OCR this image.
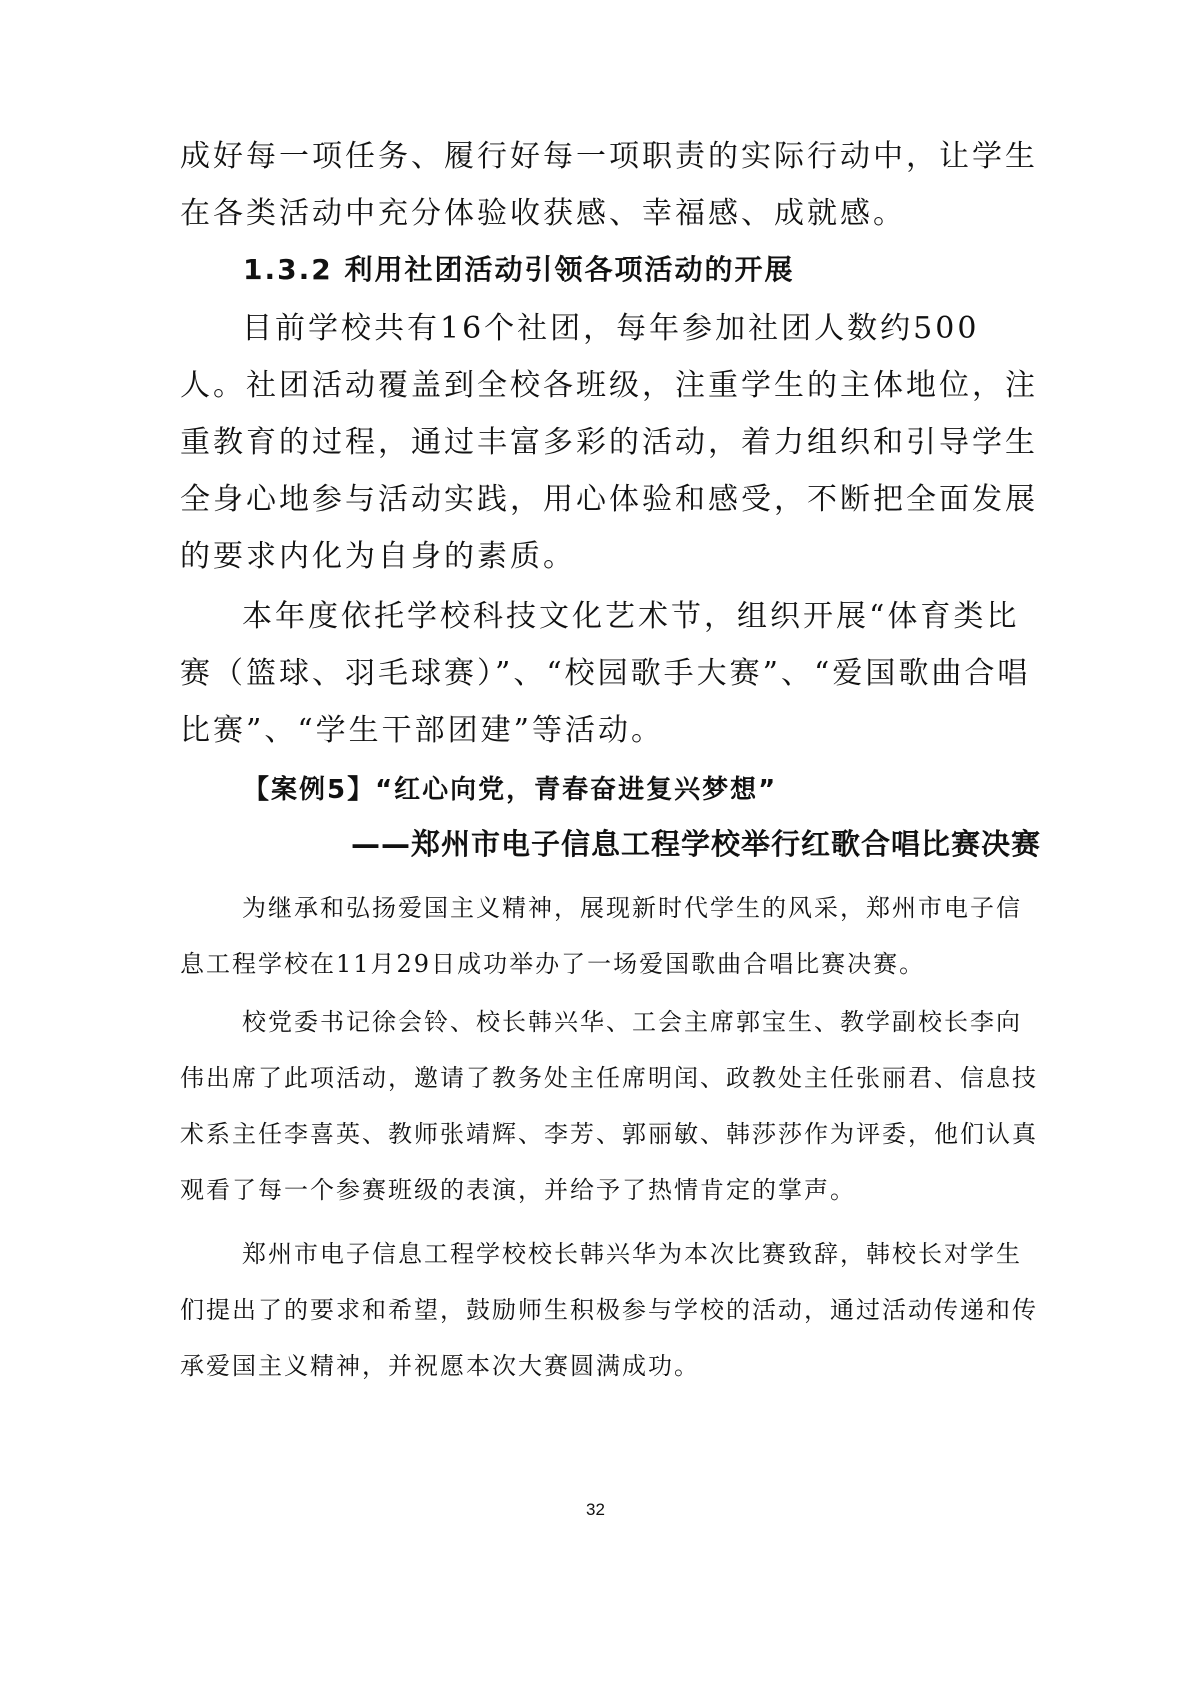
成好每一项任务、履行好每一项职责的实际行动中，让学生在各类活动中充分体验收获感、幸福感、成就感。

1.3.2 利用社团活动引领各项活动的开展

目前学校共有16个社团，每年参加社团人数约500人。社团活动覆盖到全校各班级，注重学生的主体地位，注重教育的过程，通过丰富多彩的活动，着力组织和引导学生全身心地参与活动实践，用心体验和感受，不断把全面发展的要求内化为自身的素质。

本年度依托学校科技文化艺术节，组织开展“体育类比赛（篮球、羽毛球赛）”、“校园歌手大赛”、“爱国歌曲合唱比赛”、“学生干部团建”等活动。

【案例5】“红心向党，青春奋进复兴梦想”
——郑州市电子信息工程学校举行红歌合唱比赛决赛

为继承和弘扬爱国主义精神，展现新时代学生的风采，郑州市电子信息工程学校在11月29日成功举办了一场爱国歌曲合唱比赛决赛。

校党委书记徐会铃、校长韩兴华、工会主席郭宝生、教学副校长李向伟出席了此项活动，邀请了教务处主任席明闰、政教处主任张丽君、信息技术系主任李喜英、教师张靖辉、李芳、郭丽敏、韩莎莎作为评委，他们认真观看了每一个参赛班级的表演，并给予了热情肯定的掌声。

郑州市电子信息工程学校校长韩兴华为本次比赛致辞，韩校长对学生们提出了的要求和希望，鼓励师生积极参与学校的活动，通过活动传递和传承爱国主义精神，并祝愿本次大赛圆满成功。

32
